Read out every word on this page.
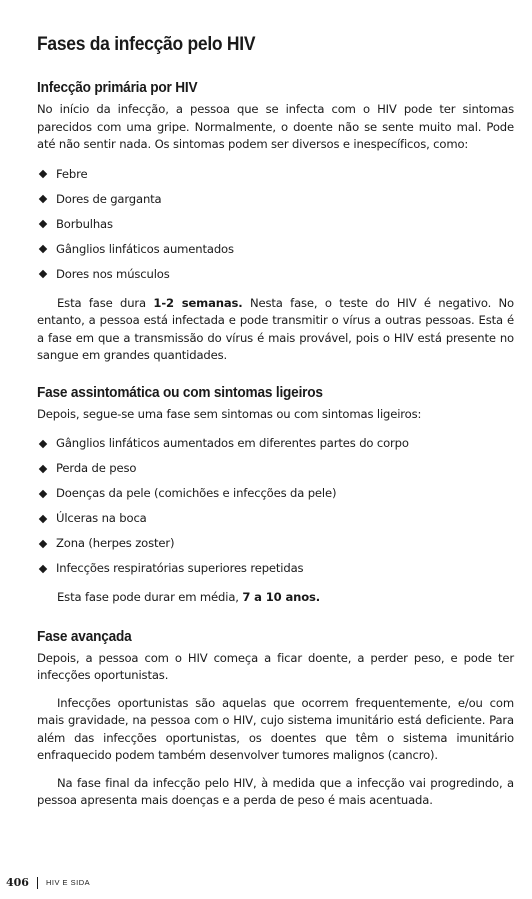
Fases da infecção pelo HIV
Infecção primária por HIV

No início da infecção, a pessoa que se infecta com o HIV pode ter sintomas parecidos com uma gripe. Normalmente, o doente não se sente muito mal. Pode até não sentir nada. Os sintomas podem ser diversos e inespecíficos, como:

Febre
Dores de garganta
Borbulhas
Gânglios linfáticos aumentados
Dores nos músculos

Esta fase dura 1-2 semanas. Nesta fase, o teste do HIV é negativo. No entanto, a pessoa está infectada e pode transmitir o vírus a outras pessoas. Esta é a fase em que a transmissão do vírus é mais provável, pois o HIV está presente no sangue em grandes quantidades.

Fase assintomática ou com sintomas ligeiros

Depois, segue-se uma fase sem sintomas ou com sintomas ligeiros:

Gânglios linfáticos aumentados em diferentes partes do corpo
Perda de peso
Doenças da pele (comichões e infecções da pele)
Úlceras na boca
Zona (herpes zoster)
Infecções respiratórias superiores repetidas

Esta fase pode durar em média, 7 a 10 anos.

Fase avançada

Depois, a pessoa com o HIV começa a ficar doente, a perder peso, e pode ter infecções oportunistas.

Infecções oportunistas são aquelas que ocorrem frequentemente, e/ou com mais gravidade, na pessoa com o HIV, cujo sistema imunitário está deficiente. Para além das infecções oportunistas, os doentes que têm o sistema imunitário enfraquecido podem também desenvolver tumores malignos (cancro).

Na fase final da infecção pelo HIV, à medida que a infecção vai progredindo, a pessoa apresenta mais doenças e a perda de peso é mais acentuada.

406 HIV E SIDA
